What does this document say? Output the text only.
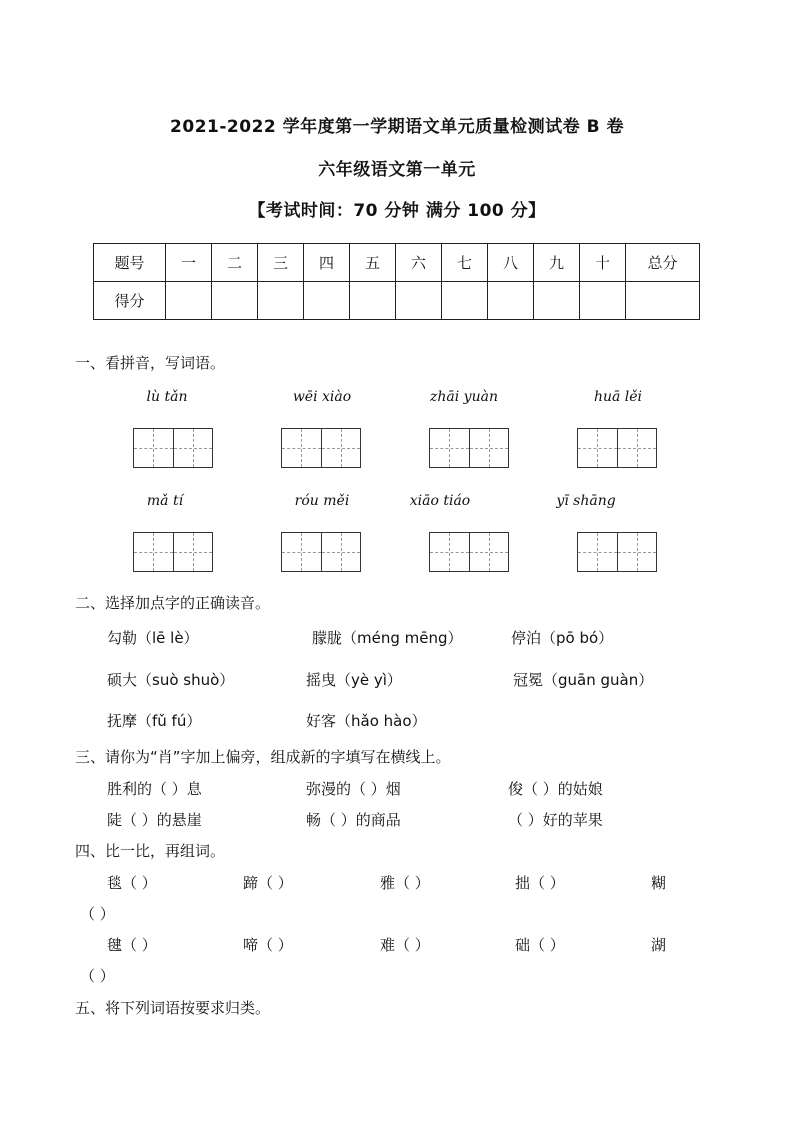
2021-2022 学年度第一学期语文单元质量检测试卷 B 卷
六年级语文第一单元
【考试时间：70 分钟 满分 100 分】
题号	一	二	三	四	五	六	七	八	九	十	总分
得分											
一、看拼音，写词语。
lù tǎn	wēi xiào	zhāi yuàn	huā lěi
mǎ tí	róu měi	xiāo tiáo	yī shāng
二、选择加点字的正确读音。
勾勒（lē lè）	朦胧（méng mēng）	停泊（pō bó）
硕大（suò shuò）	摇曳（yè yì）	冠冕（guān guàn）
抚摩（fǔ fú）	好客（hǎo hào）
三、请你为“肖”字加上偏旁，组成新的字填写在横线上。
胜利的（ ）息	弥漫的（ ）烟	俊（ ）的姑娘
陡（ ）的悬崖	畅（ ）的商品	（ ）好的苹果
四、比一比，再组词。
毯（ ）	蹄（ ）	雅（ ）	拙（ ）	糊
（ ）
毽（ ）	啼（ ）	难（ ）	础（ ）	湖
（ ）
五、将下列词语按要求归类。
